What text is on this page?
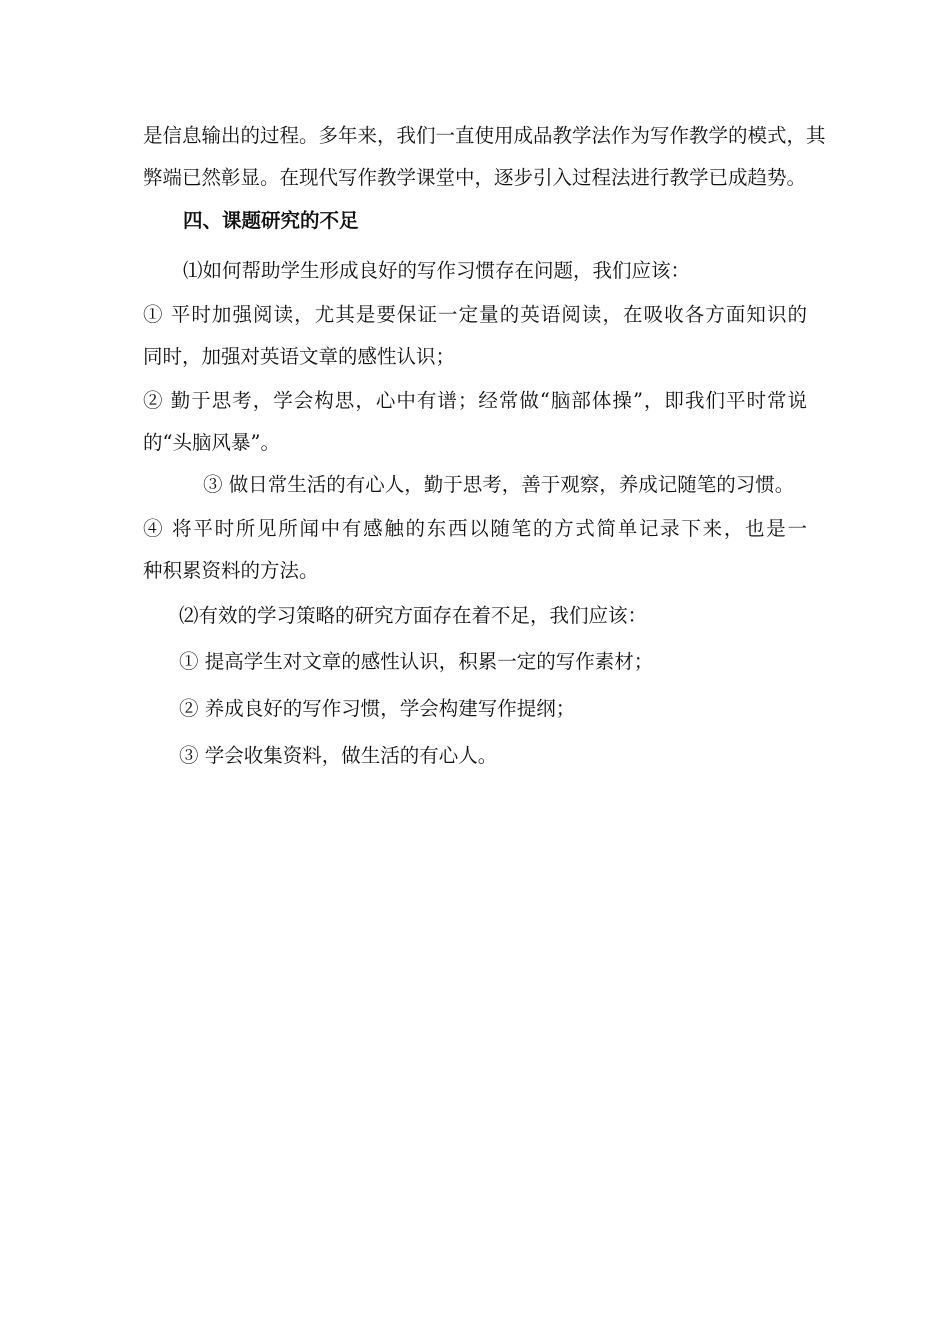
是信息输出的过程。多年来，我们一直使用成品教学法作为写作教学的模式，其
弊端已然彰显。在现代写作教学课堂中，逐步引入过程法进行教学已成趋势。
四、课题研究的不足
⑴如何帮助学生形成良好的写作习惯存在问题，我们应该：
① 平时加强阅读，尤其是要保证一定量的英语阅读，在吸收各方面知识的
同时，加强对英语文章的感性认识；
② 勤于思考，学会构思，心中有谱；经常做“脑部体操”，即我们平时常说
的“头脑风暴”。
③ 做日常生活的有心人，勤于思考，善于观察，养成记随笔的习惯。
④ 将平时所见所闻中有感触的东西以随笔的方式简单记录下来，也是一
种积累资料的方法。
⑵有效的学习策略的研究方面存在着不足，我们应该：
① 提高学生对文章的感性认识，积累一定的写作素材；
② 养成良好的写作习惯，学会构建写作提纲；
③ 学会收集资料，做生活的有心人。
